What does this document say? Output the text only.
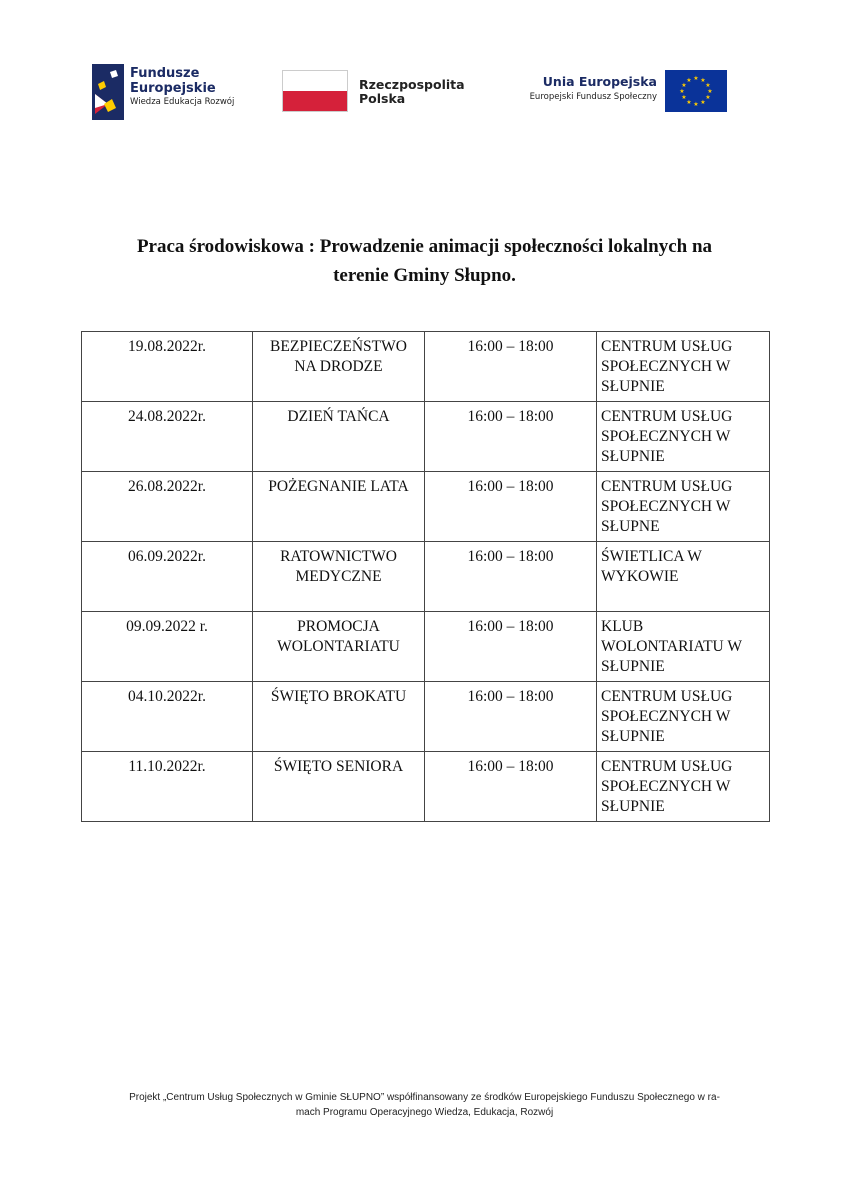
Fundusze
Europejskie
Wiedza Edukacja Rozwój
Rzeczpospolita
Polska
Unia Europejska
Europejski Fundusz Społeczny
★ ★
★
★
★
★
★
★
★
★
★
★
Praca środowiskowa : Prowadzenie animacji społeczności lokalnych na
terenie Gminy Słupno.
19.08.2022r.	BEZPIECZEŃSTWO NA DRODZE	16:00 – 18:00	CENTRUM USŁUG SPOŁECZNYCH W SŁUPNIE
24.08.2022r.	DZIEŃ TAŃCA	16:00 – 18:00	CENTRUM USŁUG SPOŁECZNYCH W SŁUPNIE
26.08.2022r.	POŻEGNANIE LATA	16:00 – 18:00	CENTRUM USŁUG SPOŁECZNYCH W SŁUPNE
06.09.2022r.	RATOWNICTWO MEDYCZNE	16:00 – 18:00	ŚWIETLICA W WYKOWIE
09.09.2022 r.	PROMOCJA WOLONTARIATU	16:00 – 18:00	KLUB WOLONTARIATU W SŁUPNIE
04.10.2022r.	ŚWIĘTO BROKATU	16:00 – 18:00	CENTRUM USŁUG SPOŁECZNYCH W SŁUPNIE
11.10.2022r.	ŚWIĘTO SENIORA	16:00 – 18:00	CENTRUM USŁUG SPOŁECZNYCH W SŁUPNIE
Projekt „Centrum Usług Społecznych w Gminie SŁUPNO” współfinansowany ze środków Europejskiego Funduszu Społecznego w ra-
mach Programu Operacyjnego Wiedza, Edukacja, Rozwój
